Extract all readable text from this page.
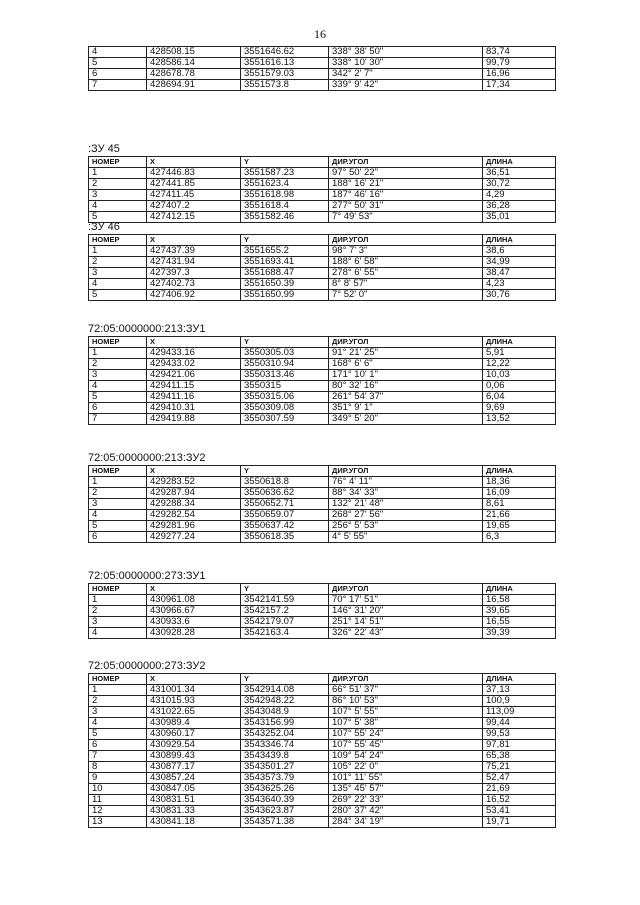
16
4	428508.15	3551646.62	338° 38' 50"	83,74
5	428586.14	3551616.13	338° 10' 30"	99,79
6	428678.78	3551579.03	342° 2' 7"	16,96
7	428694.91	3551573.8	339° 9' 42"	17,34
:ЗУ 45
НОМЕР	X	Y	ДИР.УГОЛ	ДЛИНА
1	427446.83	3551587.23	97° 50' 22"	36,51
2	427441.85	3551623.4	188° 16' 21"	30,72
3	427411.45	3551618.98	187° 46' 16"	4,29
4	427407.2	3551618.4	277° 50' 31"	36,28
5	427412.15	3551582.46	7° 49' 53"	35,01
:ЗУ 46
НОМЕР	X	Y	ДИР.УГОЛ	ДЛИНА
1	427437.39	3551655.2	98° 7' 3"	38,6
2	427431.94	3551693.41	188° 6' 58"	34,99
3	427397.3	3551688.47	278° 6' 55"	38,47
4	427402.73	3551650.39	8° 8' 57"	4,23
5	427406.92	3551650.99	7° 52' 0"	30,76
72:05:0000000:213:ЗУ1
НОМЕР	X	Y	ДИР.УГОЛ	ДЛИНА
1	429433.16	3550305.03	91° 21' 25"	5,91
2	429433.02	3550310.94	168° 6' 6"	12,22
3	429421.06	3550313.46	171° 10' 1"	10,03
4	429411.15	3550315	80° 32' 16"	0,06
5	429411.16	3550315.06	261° 54' 37"	6,04
6	429410.31	3550309.08	351° 9' 1"	9,69
7	429419.88	3550307.59	349° 5' 20"	13,52
72:05:0000000:213:ЗУ2
НОМЕР	X	Y	ДИР.УГОЛ	ДЛИНА
1	429283.52	3550618.8	76° 4' 11"	18,36
2	429287.94	3550636.62	88° 34' 33"	16,09
3	429288.34	3550652.71	132° 21' 48"	8,61
4	429282.54	3550659.07	268° 27' 56"	21,66
5	429281.96	3550637.42	256° 5' 53"	19,65
6	429277.24	3550618.35	4° 5' 55"	6,3
72:05:0000000:273:ЗУ1
НОМЕР	X	Y	ДИР.УГОЛ	ДЛИНА
1	430961.08	3542141.59	70° 17' 51"	16,58
2	430966.67	3542157.2	146° 31' 20"	39,65
3	430933.6	3542179.07	251° 14' 51"	16,55
4	430928.28	3542163.4	326° 22' 43"	39,39
72:05:0000000:273:ЗУ2
НОМЕР	X	Y	ДИР.УГОЛ	ДЛИНА
1	431001.34	3542914.08	66° 51' 37"	37,13
2	431015.93	3542948.22	86° 10' 53"	100,9
3	431022.65	3543048.9	107° 5' 55"	113,09
4	430989.4	3543156.99	107° 5' 38"	99,44
5	430960.17	3543252.04	107° 55' 24"	99,53
6	430929.54	3543346.74	107° 55' 45"	97,81
7	430899.43	3543439.8	109° 54' 24"	65,38
8	430877.17	3543501.27	105° 22' 0"	75,21
9	430857.24	3543573.79	101° 11' 55"	52,47
10	430847.05	3543625.26	135° 45' 57"	21,69
11	430831.51	3543640.39	269° 22' 33"	16,52
12	430831.33	3543623.87	280° 37' 42"	53,41
13	430841.18	3543571.38	284° 34' 19"	19,71
